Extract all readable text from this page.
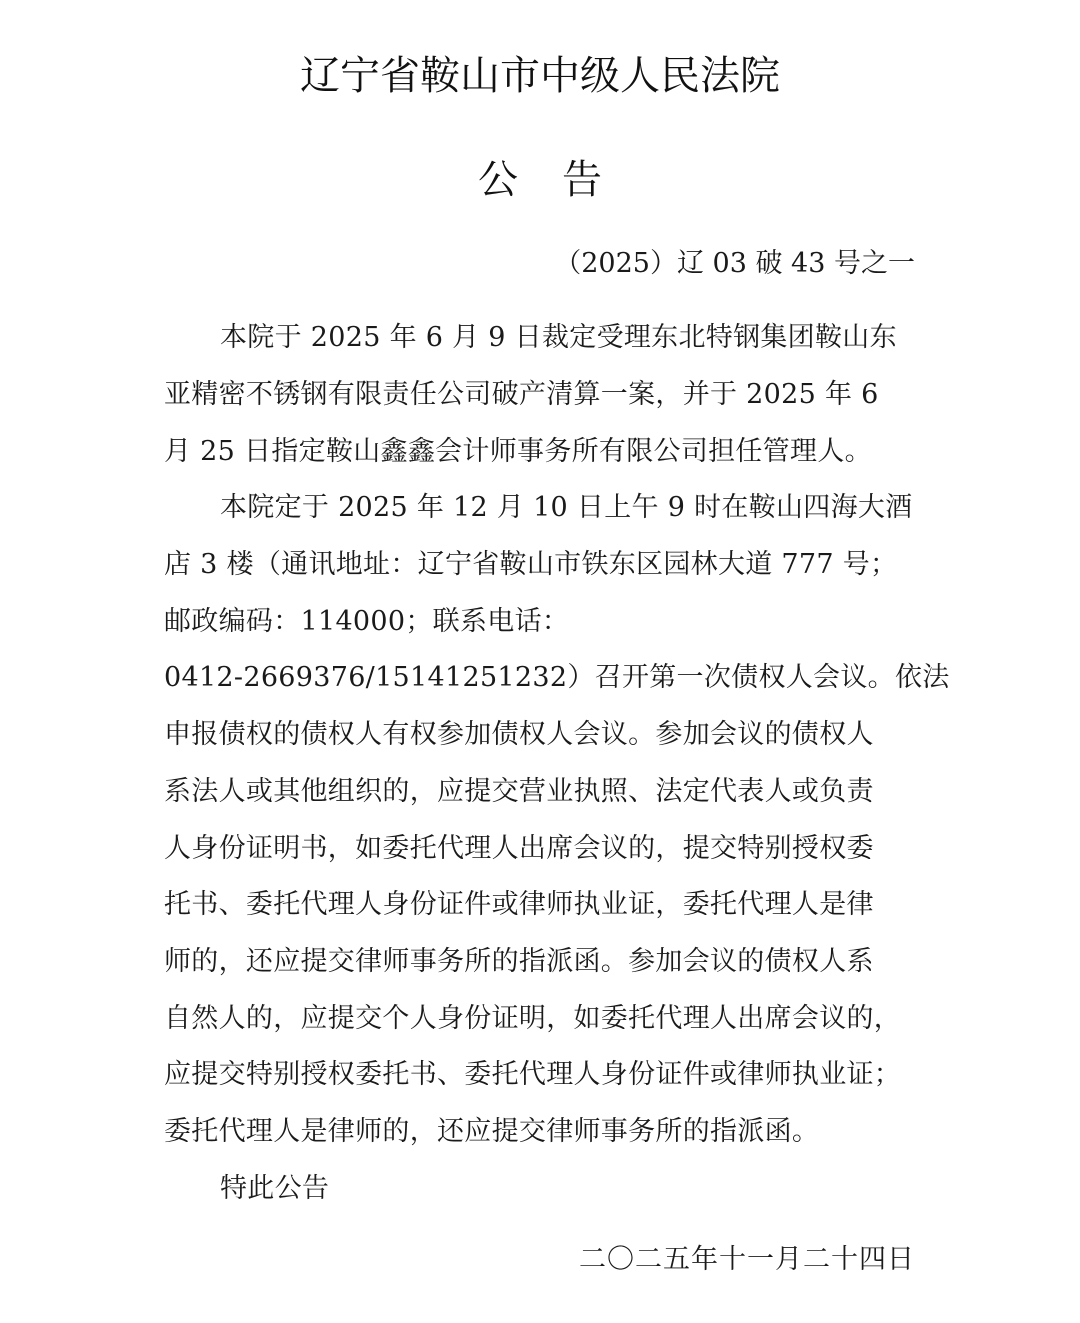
辽宁省鞍山市中级人民法院
公 告
（2025）辽 03 破 43 号之一
本院于 2025 年 6 月 9 日裁定受理东北特钢集团鞍山东
亚精密不锈钢有限责任公司破产清算一案，并于 2025 年 6
月 25 日指定鞍山鑫鑫会计师事务所有限公司担任管理人。
本院定于 2025 年 12 月 10 日上午 9 时在鞍山四海大酒
店 3 楼（通讯地址：辽宁省鞍山市铁东区园林大道 777 号；
邮政编码：114000；联系电话：
0412-2669376/15141251232）召开第一次债权人会议。依法
申报债权的债权人有权参加债权人会议。参加会议的债权人
系法人或其他组织的，应提交营业执照、法定代表人或负责
人身份证明书，如委托代理人出席会议的，提交特别授权委
托书、委托代理人身份证件或律师执业证，委托代理人是律
师的，还应提交律师事务所的指派函。参加会议的债权人系
自然人的，应提交个人身份证明，如委托代理人出席会议的，
应提交特别授权委托书、委托代理人身份证件或律师执业证；
委托代理人是律师的，还应提交律师事务所的指派函。
特此公告
二〇二五年十一月二十四日
